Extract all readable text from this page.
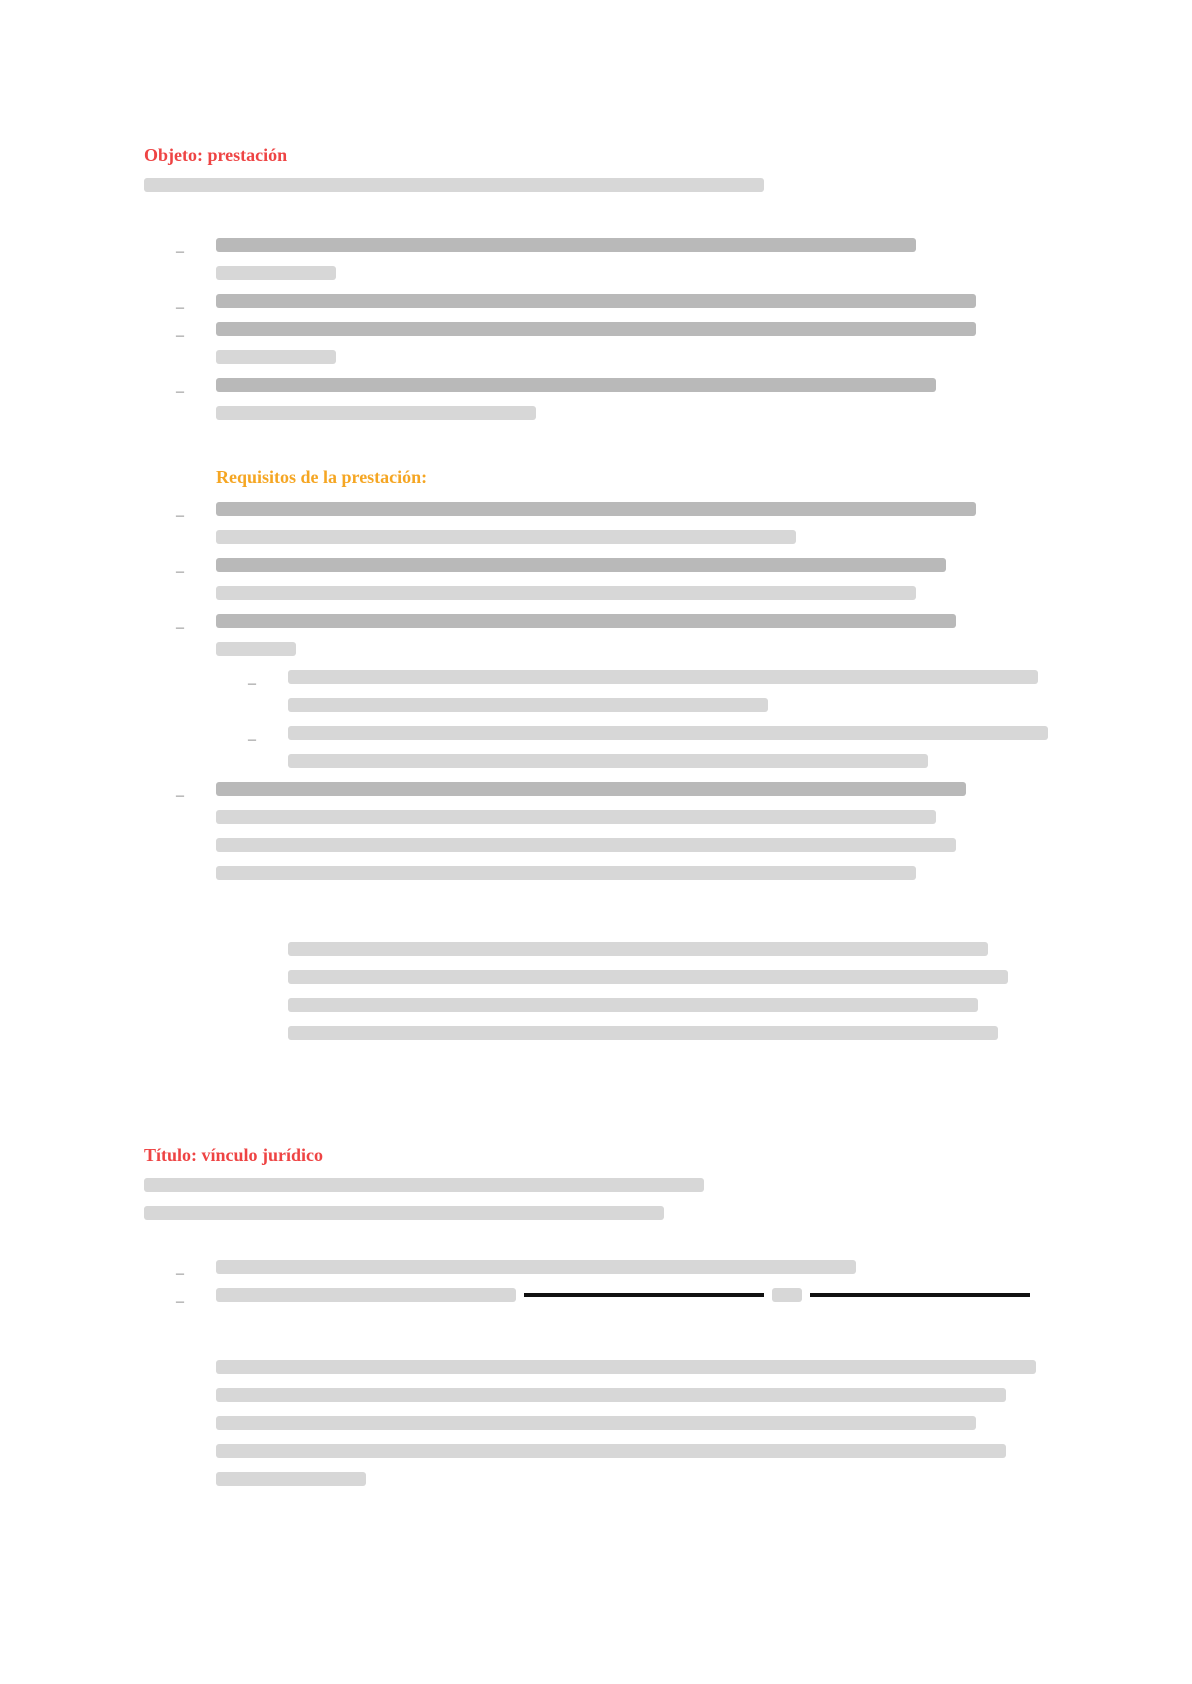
Objeto: prestación
–
–
–
–
Requisitos de la prestación:
–
–
–
–
–
–
Título: vínculo jurídico
–
–
